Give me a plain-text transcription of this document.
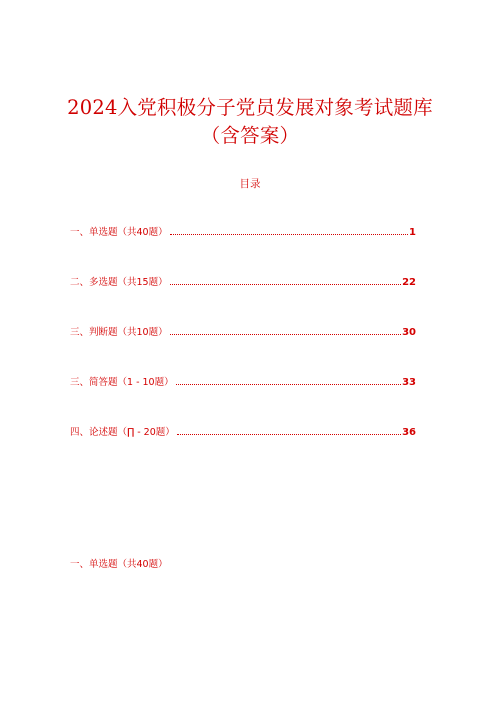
2024入党积极分子党员发展对象考试题库（含答案）
目录
一、单选题（共40题）	1
二、多选题（共15题）	22
三、判断题（共10题）	30
三、简答题（1 - 10题）	33
四、论述题（∏ - 20题）	36
一、单选题（共40题）
